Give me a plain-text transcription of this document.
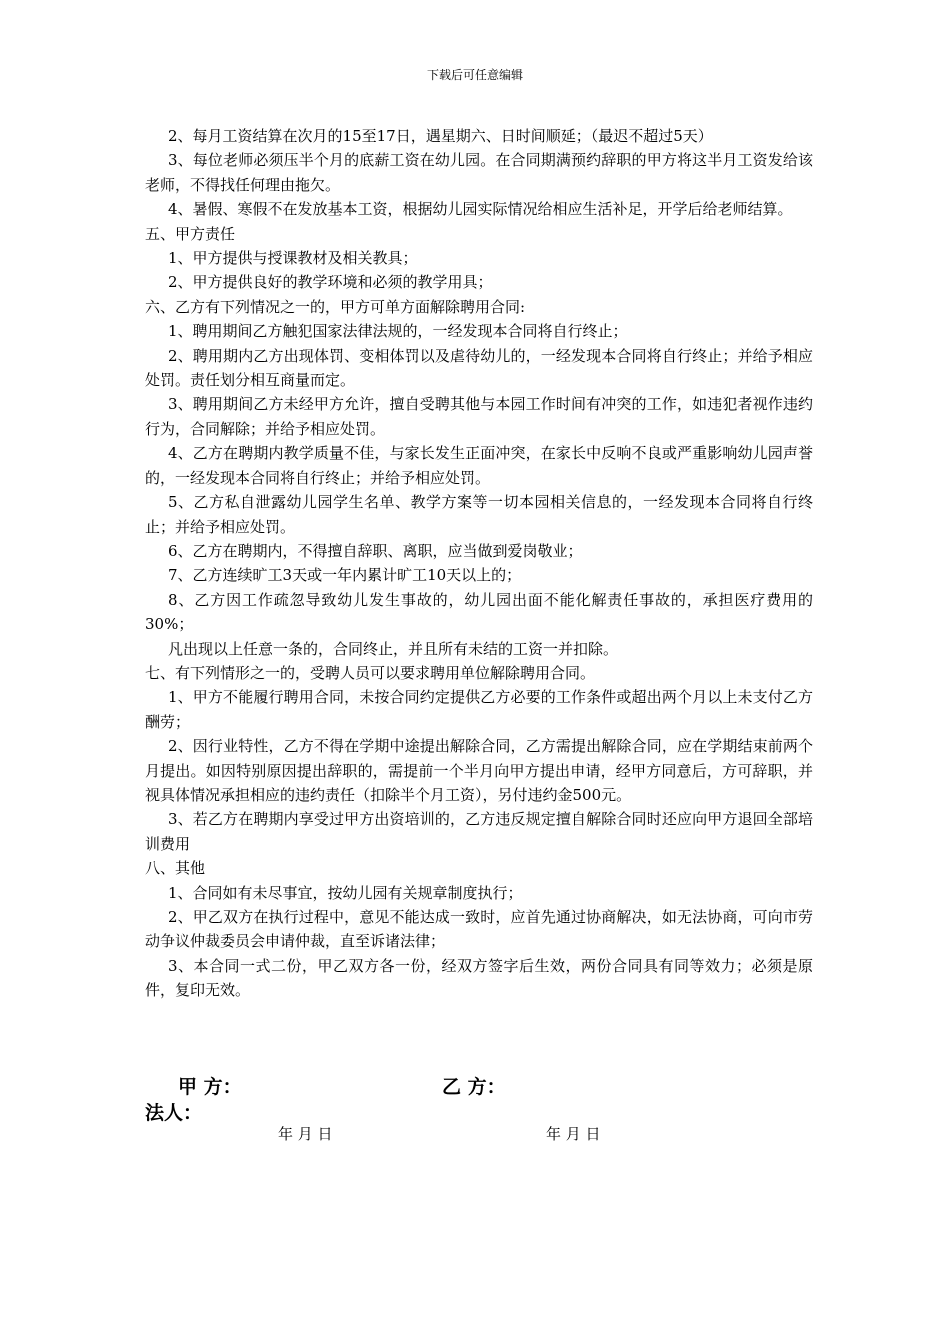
下载后可任意编辑

2、每月工资结算在次月的15至17日，遇星期六、日时间顺延；（最迟不超过5天）

3、每位老师必须压半个月的底薪工资在幼儿园。在合同期满预约辞职的甲方将这半月工资发给该老师，不得找任何理由拖欠。

4、暑假、寒假不在发放基本工资，根据幼儿园实际情况给相应生活补足，开学后给老师结算。

五、甲方责任

1、甲方提供与授课教材及相关教具；

2、甲方提供良好的教学环境和必须的教学用具；

六、乙方有下列情况之一的，甲方可单方面解除聘用合同:

1、聘用期间乙方触犯国家法律法规的，一经发现本合同将自行终止；

2、聘用期内乙方出现体罚、变相体罚以及虐待幼儿的，一经发现本合同将自行终止；并给予相应处罚。责任划分相互商量而定。

3、聘用期间乙方未经甲方允许，擅自受聘其他与本园工作时间有冲突的工作，如违犯者视作违约行为，合同解除；并给予相应处罚。

4、乙方在聘期内教学质量不佳，与家长发生正面冲突，在家长中反响不良或严重影响幼儿园声誉的，一经发现本合同将自行终止；并给予相应处罚。

5、乙方私自泄露幼儿园学生名单、教学方案等一切本园相关信息的，一经发现本合同将自行终止；并给予相应处罚。

6、乙方在聘期内，不得擅自辞职、离职，应当做到爱岗敬业；

7、乙方连续旷工3天或一年内累计旷工10天以上的；

8、乙方因工作疏忽导致幼儿发生事故的，幼儿园出面不能化解责任事故的，承担医疗费用的30%；

凡出现以上任意一条的，合同终止，并且所有未结的工资一并扣除。

七、有下列情形之一的，受聘人员可以要求聘用单位解除聘用合同。

1、甲方不能履行聘用合同，未按合同约定提供乙方必要的工作条件或超出两个月以上未支付乙方酬劳；

2、因行业特性，乙方不得在学期中途提出解除合同，乙方需提出解除合同，应在学期结束前两个月提出。如因特别原因提出辞职的，需提前一个半月向甲方提出申请，经甲方同意后，方可辞职，并视具体情况承担相应的违约责任（扣除半个月工资），另付违约金500元。

3、若乙方在聘期内享受过甲方出资培训的，乙方违反规定擅自解除合同时还应向甲方退回全部培训费用

八、其他

1、合同如有未尽事宜，按幼儿园有关规章制度执行；

2、甲乙双方在执行过程中，意见不能达成一致时，应首先通过协商解决，如无法协商，可向市劳动争议仲裁委员会申请仲裁，直至诉诸法律；

3、本合同一式二份，甲乙双方各一份，经双方签字后生效，两份合同具有同等效力；必须是原件，复印无效。

甲 方：	乙 方：
法人：
年 月 日	年 月 日
